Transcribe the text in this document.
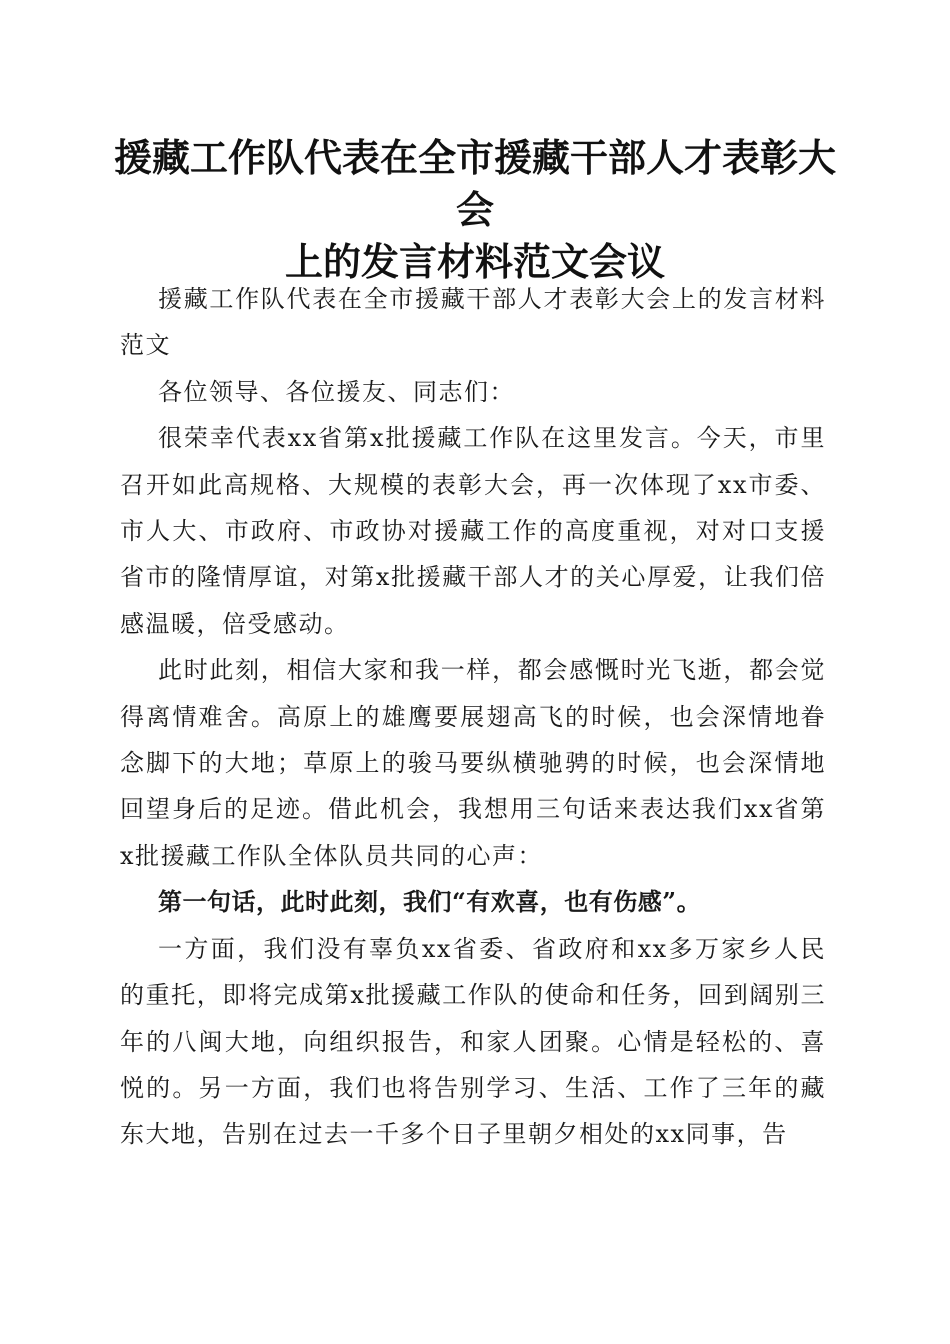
援藏工作队代表在全市援藏干部人才表彰大会
上的发言材料范文会议

援藏工作队代表在全市援藏干部人才表彰大会上的发言材料范文

各位领导、各位援友、同志们：

很荣幸代表xx省第x批援藏工作队在这里发言。今天，市里召开如此高规格、大规模的表彰大会，再一次体现了xx市委、市人大、市政府、市政协对援藏工作的高度重视，对对口支援省市的隆情厚谊，对第x批援藏干部人才的关心厚爱，让我们倍感温暖，倍受感动。

此时此刻，相信大家和我一样，都会感慨时光飞逝，都会觉得离情难舍。高原上的雄鹰要展翅高飞的时候，也会深情地眷念脚下的大地；草原上的骏马要纵横驰骋的时候，也会深情地回望身后的足迹。借此机会，我想用三句话来表达我们xx省第x批援藏工作队全体队员共同的心声：

第一句话，此时此刻，我们“有欢喜，也有伤感”。

一方面，我们没有辜负xx省委、省政府和xx多万家乡人民的重托，即将完成第x批援藏工作队的使命和任务，回到阔别三年的八闽大地，向组织报告，和家人团聚。心情是轻松的、喜悦的。另一方面，我们也将告别学习、生活、工作了三年的藏东大地，告别在过去一千多个日子里朝夕相处的xx同事，告
